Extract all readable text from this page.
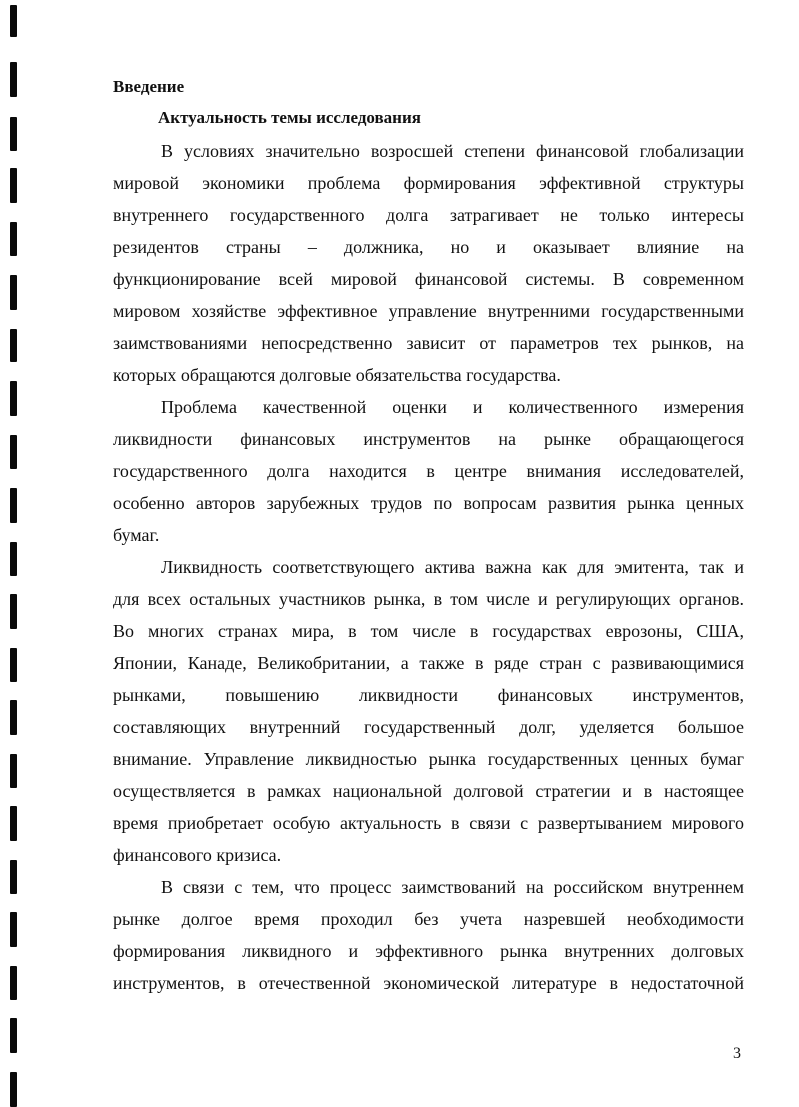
Введение
Актуальность темы исследования
В условиях значительно возросшей степени финансовой глобализации
мировой экономики проблема формирования эффективной структуры
внутреннего государственного долга затрагивает не только интересы
резидентов страны – должника, но и оказывает влияние на
функционирование всей мировой финансовой системы. В современном
мировом хозяйстве эффективное управление внутренними государственными
заимствованиями непосредственно зависит от параметров тех рынков, на
которых обращаются долговые обязательства государства.
Проблема качественной оценки и количественного измерения
ликвидности финансовых инструментов на рынке обращающегося
государственного долга находится в центре внимания исследователей,
особенно авторов зарубежных трудов по вопросам развития рынка ценных
бумаг.
Ликвидность соответствующего актива важна как для эмитента, так и
для всех остальных участников рынка, в том числе и регулирующих органов.
Во многих странах мира, в том числе в государствах еврозоны, США,
Японии, Канаде, Великобритании, а также в ряде стран с развивающимися
рынками, повышению ликвидности финансовых инструментов,
составляющих внутренний государственный долг, уделяется большое
внимание. Управление ликвидностью рынка государственных ценных бумаг
осуществляется в рамках национальной долговой стратегии и в настоящее
время приобретает особую актуальность в связи с развертыванием мирового
финансового кризиса.
В связи с тем, что процесс заимствований на российском внутреннем
рынке долгое время проходил без учета назревшей необходимости
формирования ликвидного и эффективного рынка внутренних долговых
инструментов, в отечественной экономической литературе в недостаточной
3
